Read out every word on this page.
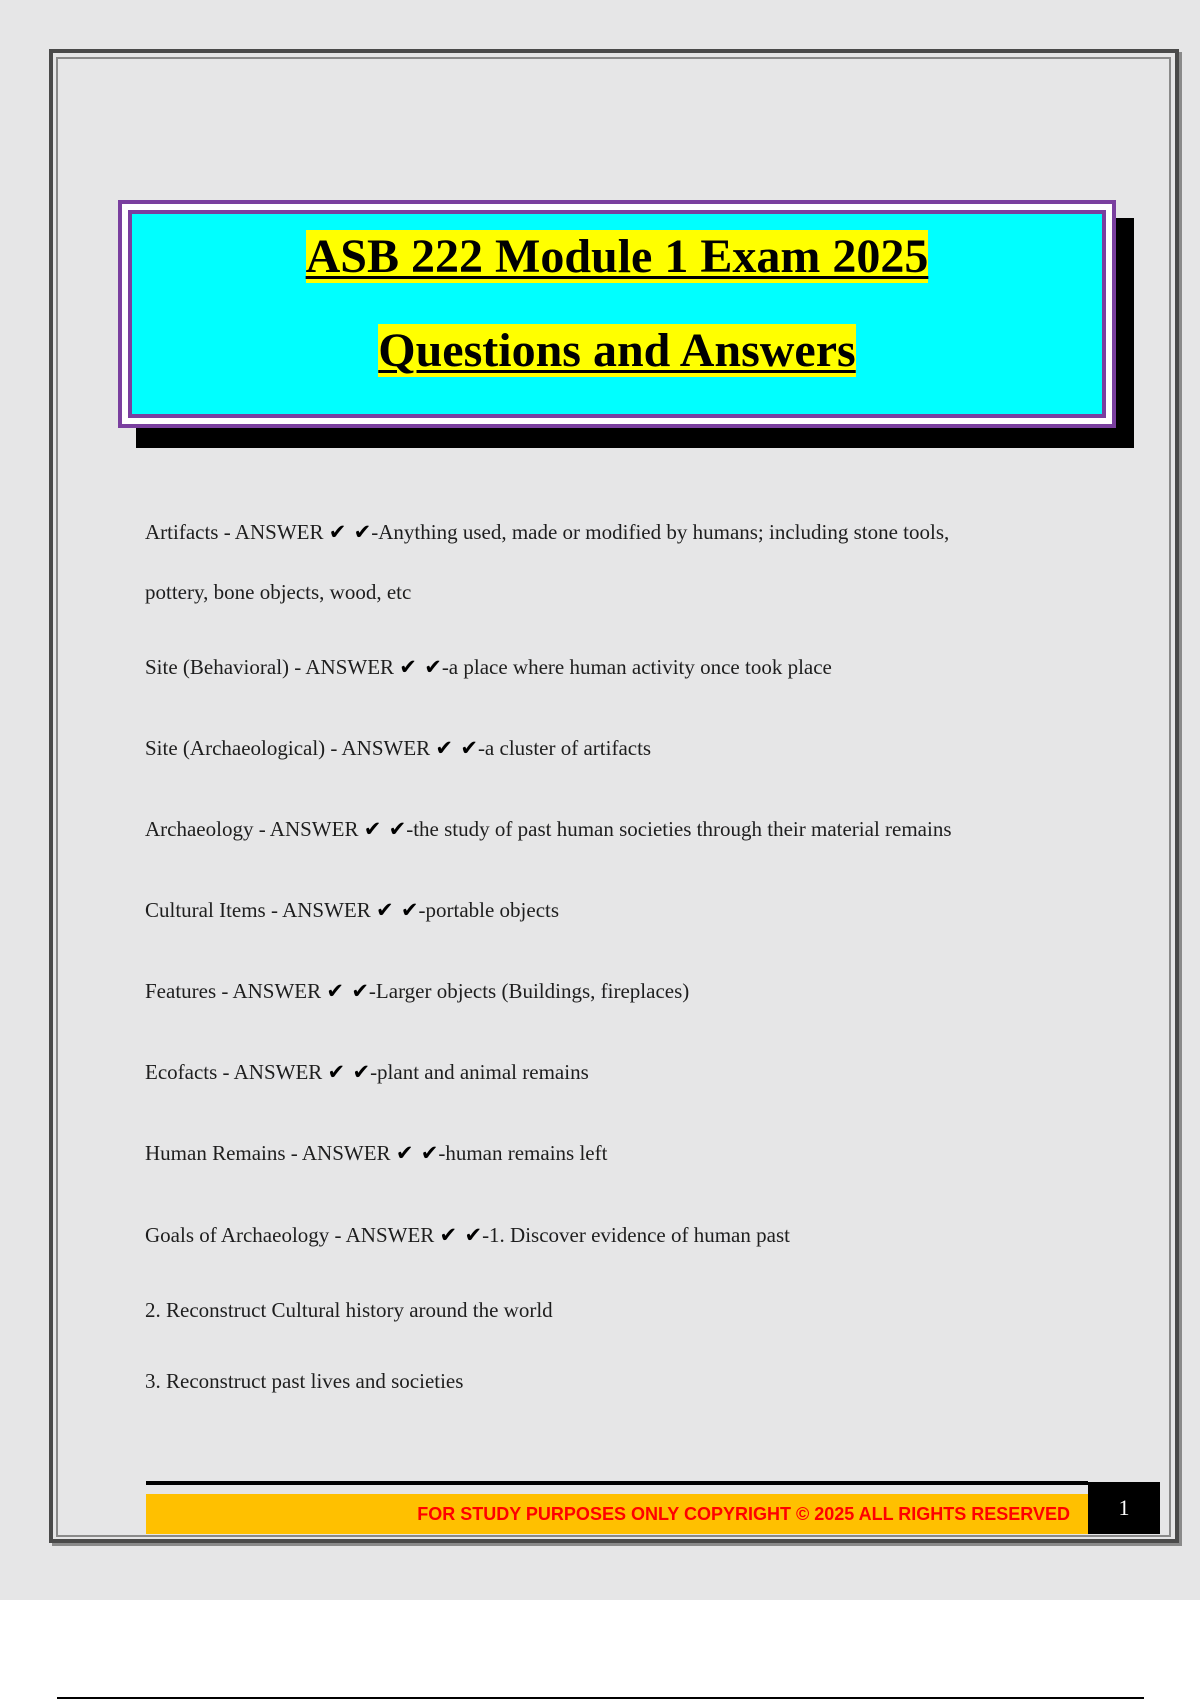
ASB 222 Module 1 Exam 2025
Questions and Answers
Artifacts - ANSWER ✔ ✔-Anything used, made or modified by humans; including stone tools,
pottery, bone objects, wood, etc
Site (Behavioral) - ANSWER ✔ ✔-a place where human activity once took place
Site (Archaeological) - ANSWER ✔ ✔-a cluster of artifacts
Archaeology - ANSWER ✔ ✔-the study of past human societies through their material remains
Cultural Items - ANSWER ✔ ✔-portable objects
Features - ANSWER ✔ ✔-Larger objects (Buildings, fireplaces)
Ecofacts - ANSWER ✔ ✔-plant and animal remains
Human Remains - ANSWER ✔ ✔-human remains left
Goals of Archaeology - ANSWER ✔ ✔-1. Discover evidence of human past
2. Reconstruct Cultural history around the world
3. Reconstruct past lives and societies
FOR STUDY PURPOSES ONLY COPYRIGHT © 2025 ALL RIGHTS RESERVED	1
